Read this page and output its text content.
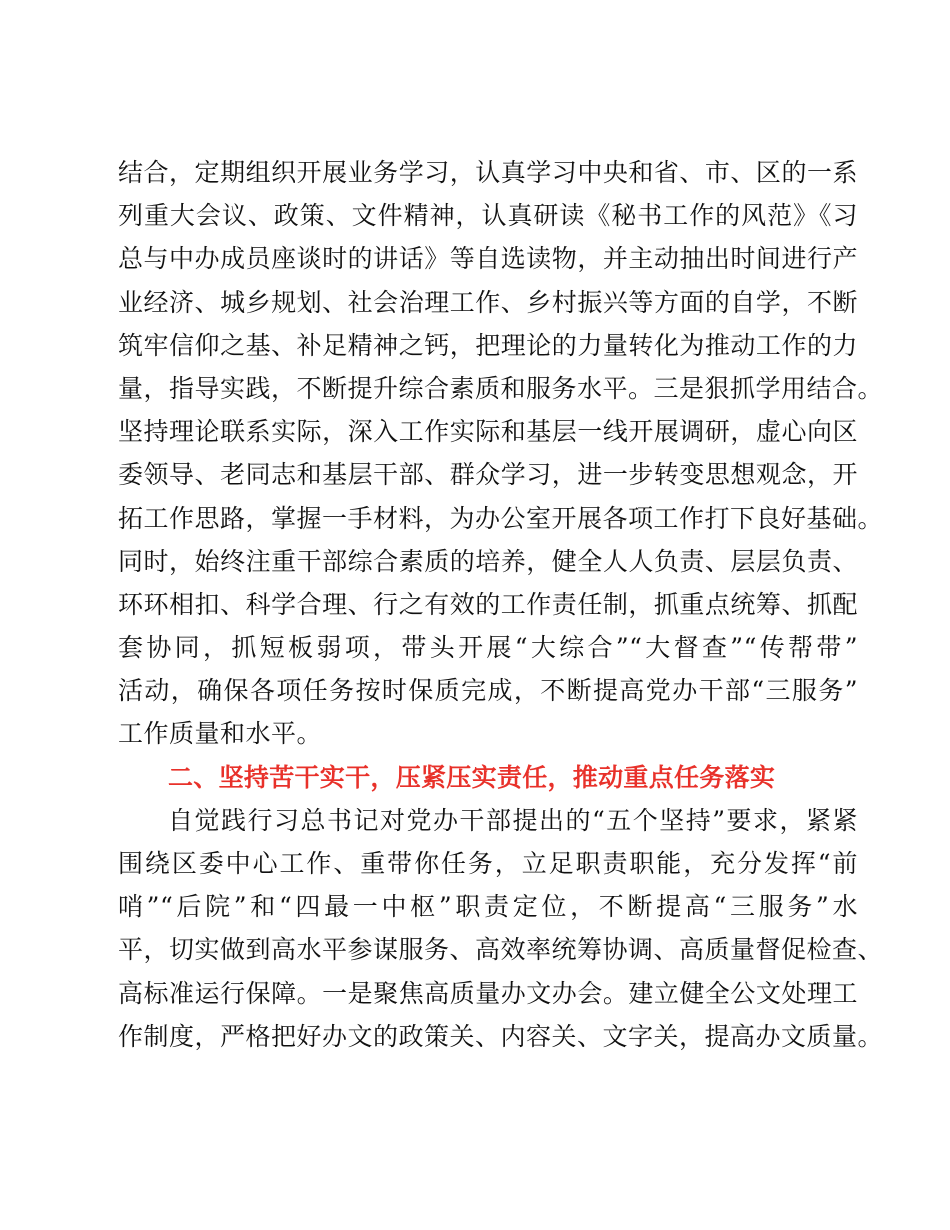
结合，定期组织开展业务学习，认真学习中央和省、市、区的一系
列重大会议、政策、文件精神，认真研读《秘书工作的风范》《习
总与中办成员座谈时的讲话》等自选读物，并主动抽出时间进行产
业经济、城乡规划、社会治理工作、乡村振兴等方面的自学，不断
筑牢信仰之基、补足精神之钙，把理论的力量转化为推动工作的力
量，指导实践，不断提升综合素质和服务水平。三是狠抓学用结合。
坚持理论联系实际，深入工作实际和基层一线开展调研，虚心向区
委领导、老同志和基层干部、群众学习，进一步转变思想观念，开
拓工作思路，掌握一手材料，为办公室开展各项工作打下良好基础。
同时，始终注重干部综合素质的培养，健全人人负责、层层负责、
环环相扣、科学合理、行之有效的工作责任制，抓重点统筹、抓配
套协同，抓短板弱项，带头开展“大综合”“大督查”“传帮带”
活动，确保各项任务按时保质完成，不断提高党办干部“三服务”
工作质量和水平。
二、坚持苦干实干，压紧压实责任，推动重点任务落实
自觉践行习总书记对党办干部提出的“五个坚持”要求，紧紧
围绕区委中心工作、重带你任务，立足职责职能，充分发挥“前
哨”“后院”和“四最一中枢”职责定位，不断提高“三服务”水
平，切实做到高水平参谋服务、高效率统筹协调、高质量督促检查、
高标准运行保障。一是聚焦高质量办文办会。建立健全公文处理工
作制度，严格把好办文的政策关、内容关、文字关，提高办文质量。
